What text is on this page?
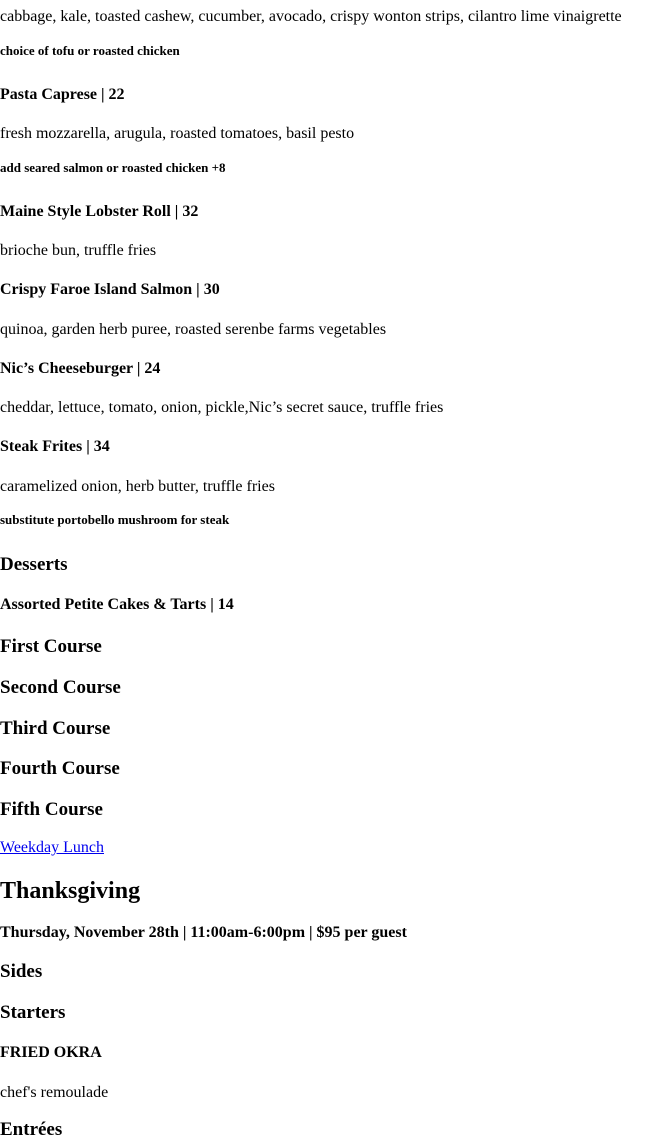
cabbage, kale, toasted cashew, cucumber, avocado, crispy wonton strips, cilantro lime vinaigrette
choice of tofu or roasted chicken
Pasta Caprese | 22
fresh mozzarella, arugula, roasted tomatoes, basil pesto
add seared salmon or roasted chicken +8
Maine Style Lobster Roll | 32
brioche bun, truffle fries
Crispy Faroe Island Salmon | 30
quinoa, garden herb puree, roasted serenbe farms vegetables
Nic’s Cheeseburger | 24
cheddar, lettuce, tomato, onion, pickle,Nic’s secret sauce, truffle fries
Steak Frites | 34
caramelized onion, herb butter, truffle fries
substitute portobello mushroom for steak
Desserts
Assorted Petite Cakes & Tarts | 14
First Course
Second Course
Third Course
Fourth Course
Fifth Course
Weekday Lunch
Thanksgiving
Thursday, November 28th | 11:00am-6:00pm | $95 per guest
Sides
Starters
FRIED OKRA
chef's remoulade
Entrées
